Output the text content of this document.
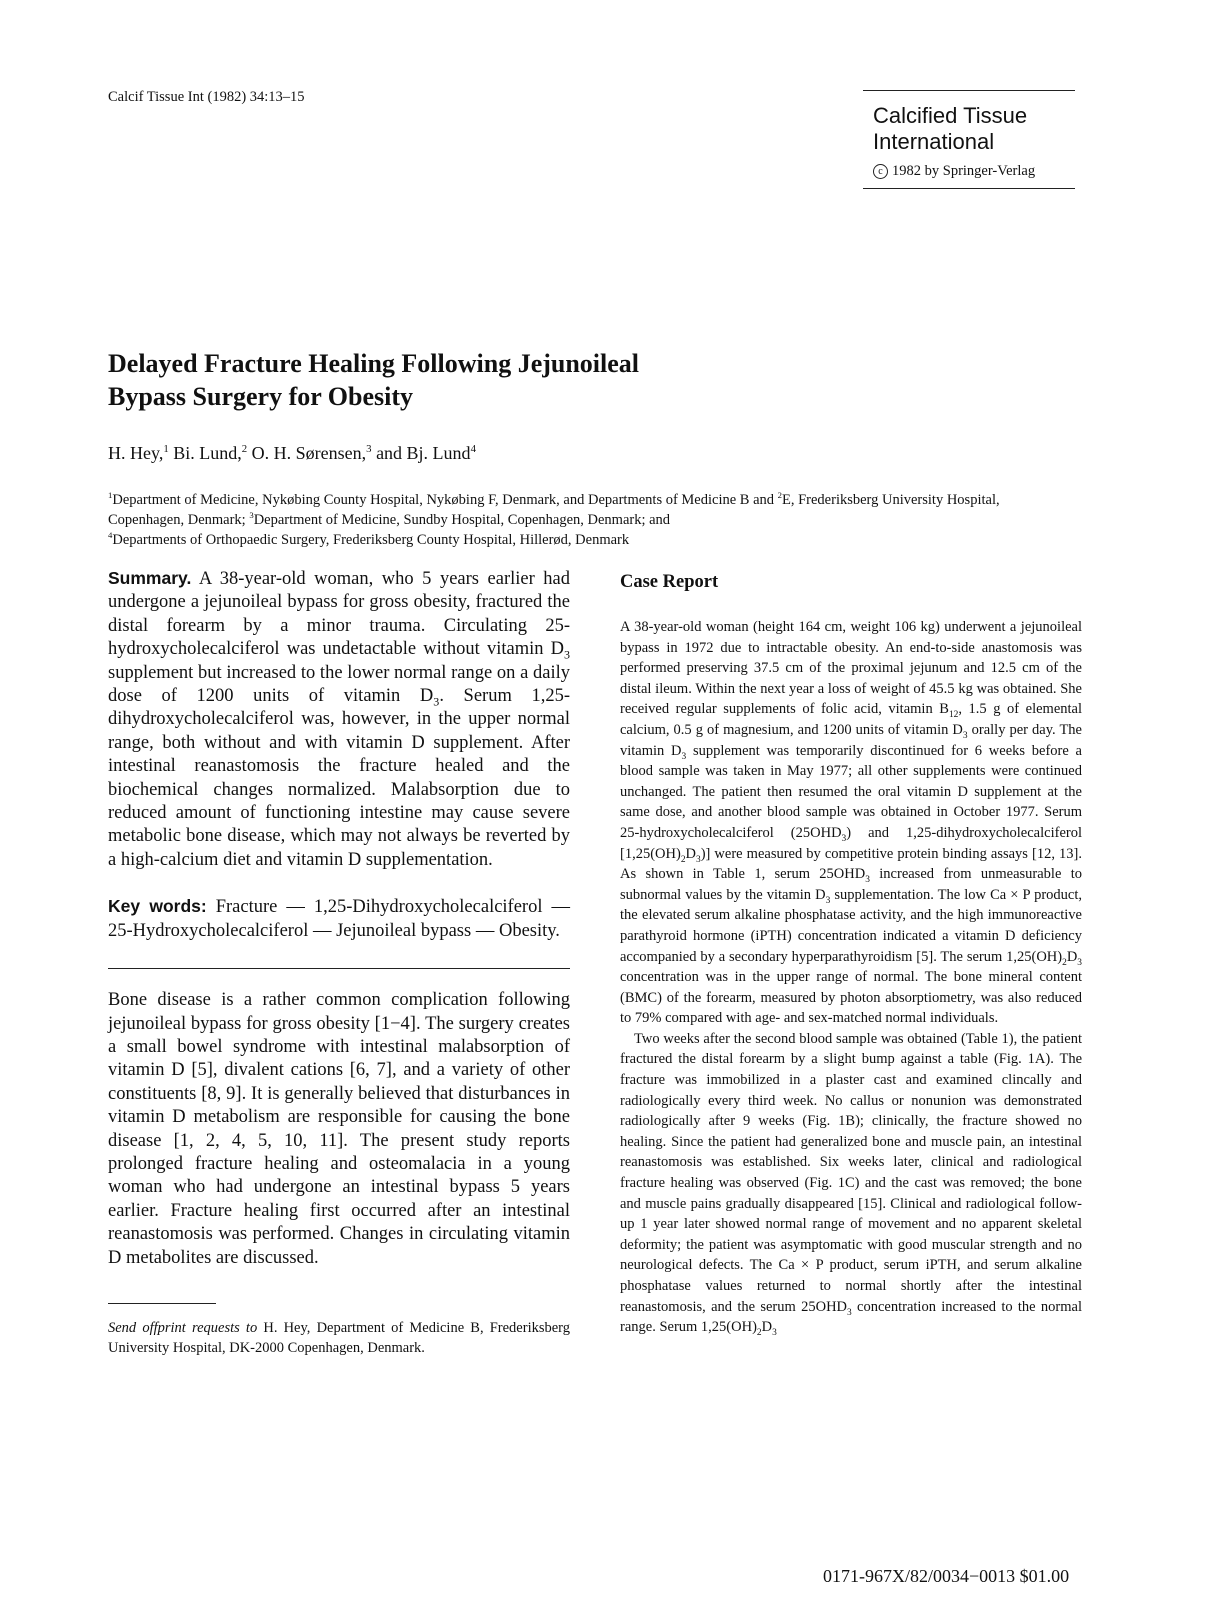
Calcif Tissue Int (1982) 34:13–15
Calcified Tissue
International
c 1982 by Springer-Verlag
Delayed Fracture Healing Following Jejunoileal
Bypass Surgery for Obesity
H. Hey,$^1$ Bi. Lund,$^2$ O. H. Sørensen,$^3$ and Bj. Lund$^4$

$^1$Department of Medicine, Nykøbing County Hospital, Nykøbing F, Denmark, and Departments of Medicine B and $^2$E, Frederiksberg University Hospital, Copenhagen, Denmark; $^3$Department of Medicine, Sundby Hospital, Copenhagen, Denmark; and

$^4$Departments of Orthopaedic Surgery, Frederiksberg County Hospital, Hillerød, Denmark

Summary. A 38-year-old woman, who 5 years earlier had undergone a jejunoileal bypass for gross obesity, fractured the distal forearm by a minor trauma. Circulating 25-hydroxycholecalciferol was undetactable without vitamin $D_3$ supplement but increased to the lower normal range on a daily dose of 1200 units of vitamin $D_3$. Serum 1,25-dihydroxycholecalciferol was, however, in the upper normal range, both without and with vitamin D supplement. After intestinal reanastomosis the fracture healed and the biochemical changes normalized. Malabsorption due to reduced amount of functioning intestine may cause severe metabolic bone disease, which may not always be reverted by a high-calcium diet and vitamin D supplementation.

Key words: Fracture — 1,25-Dihydroxycholecalciferol — 25-Hydroxycholecalciferol — Jejunoileal bypass — Obesity.

Bone disease is a rather common complication following jejunoileal bypass for gross obesity [1−4]. The surgery creates a small bowel syndrome with intestinal malabsorption of vitamin D [5], divalent cations [6, 7], and a variety of other constituents [8, 9]. It is generally believed that disturbances in vitamin D metabolism are responsible for causing the bone disease [1, 2, 4, 5, 10, 11]. The present study reports prolonged fracture healing and osteomalacia in a young woman who had undergone an intestinal bypass 5 years earlier. Fracture healing first occurred after an intestinal reanastomosis was performed. Changes in circulating vitamin D metabolites are discussed.

Send offprint requests to H. Hey, Department of Medicine B, Frederiksberg University Hospital, DK-2000 Copenhagen, Denmark.

Case Report

A 38-year-old woman (height 164 cm, weight 106 kg) underwent a jejunoileal bypass in 1972 due to intractable obesity. An end-to-side anastomosis was performed preserving 37.5 cm of the proximal jejunum and 12.5 cm of the distal ileum. Within the next year a loss of weight of 45.5 kg was obtained. She received regular supplements of folic acid, vitamin $B_{12}$, 1.5 g of elemental calcium, 0.5 g of magnesium, and 1200 units of vitamin $D_3$ orally per day. The vitamin $D_3$ supplement was temporarily discontinued for 6 weeks before a blood sample was taken in May 1977; all other supplements were continued unchanged. The patient then resumed the oral vitamin D supplement at the same dose, and another blood sample was obtained in October 1977. Serum 25-hydroxycholecalciferol $(25OHD_3)$ and 1,25-dihydroxycholecalciferol $[1,25(OH)_2D_3)$] were measured by competitive protein binding assays [12, 13]. As shown in Table 1, serum $25OHD_3$ increased from unmeasurable to subnormal values by the vitamin $D_3$ supplementation. The low Ca × P product, the elevated serum alkaline phosphatase activity, and the high immunoreactive parathyroid hormone (iPTH) concentration indicated a vitamin D deficiency accompanied by a secondary hyperparathyroidism [5]. The serum $1,25(OH)_2D_3$ concentration was in the upper range of normal. The bone mineral content (BMC) of the forearm, measured by photon absorptiometry, was also reduced to 79% compared with age- and sex-matched normal individuals.

Two weeks after the second blood sample was obtained (Table 1), the patient fractured the distal forearm by a slight bump against a table (Fig. 1A). The fracture was immobilized in a plaster cast and examined clincally and radiologically every third week. No callus or nonunion was demonstrated radiologically after 9 weeks (Fig. 1B); clinically, the fracture showed no healing. Since the patient had generalized bone and muscle pain, an intestinal reanastomosis was established. Six weeks later, clinical and radiological fracture healing was observed (Fig. 1C) and the cast was removed; the bone and muscle pains gradually disappeared [15]. Clinical and radiological follow-up 1 year later showed normal range of movement and no apparent skeletal deformity; the patient was asymptomatic with good muscular strength and no neurological defects. The Ca × P product, serum iPTH, and serum alkaline phosphatase values returned to normal shortly after the intestinal reanastomosis, and the serum $25OHD_3$ concentration increased to the normal range. Serum $1,25(OH)_2D_3$

0171-967X/82/0034−0013 $01.00
